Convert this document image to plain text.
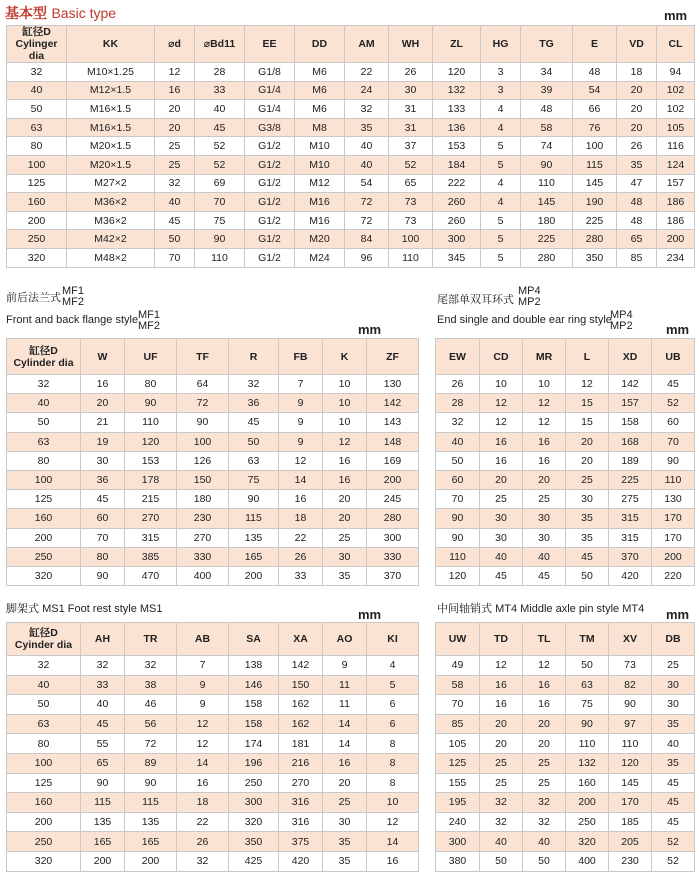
基本型 Basic type	mm
缸径D
Cylinger dia	KK	⌀d	⌀Bd11	EE	DD	AM	WH	ZL	HG	TG	E	VD	CL
32	M10×1.25	12	28	G1/8	M6	22	26	120	3	34	48	18	94
40	M12×1.5	16	33	G1/4	M6	24	30	132	3	39	54	20	102
50	M16×1.5	20	40	G1/4	M6	32	31	133	4	48	66	20	102
63	M16×1.5	20	45	G3/8	M8	35	31	136	4	58	76	20	105
80	M20×1.5	25	52	G1/2	M10	40	37	153	5	74	100	26	116
100	M20×1.5	25	52	G1/2	M10	40	52	184	5	90	115	35	124
125	M27×2	32	69	G1/2	M12	54	65	222	4	110	145	47	157
160	M36×2	40	70	G1/2	M16	72	73	260	4	145	190	48	186
200	M36×2	45	75	G1/2	M16	72	73	260	5	180	225	48	186
250	M42×2	50	90	G1/2	M20	84	100	300	5	225	280	65	200
320	M48×2	70	110	G1/2	M24	96	110	345	5	280	350	85	234
前后法兰式
MF1
MF2
Front and back flange style MF1
MF2	mm
缸径D
Cylinder dia	W	UF	TF	R	FB	K	ZF
32	16	80	64	32	7	10	130
40	20	90	72	36	9	10	142
50	21	110	90	45	9	10	143
63	19	120	100	50	9	12	148
80	30	153	126	63	12	16	169
100	36	178	150	75	14	16	200
125	45	215	180	90	16	20	245
160	60	270	230	115	18	20	280
200	70	315	270	135	22	25	300
250	80	385	330	165	26	30	330
320	90	470	400	200	33	35	370
尾部单双耳环式
MP4
MP2
End single and double ear ring style
MP4
MP2	mm
EW	CD	MR	L	XD	UB
26	10	10	12	142	45
28	12	12	15	157	52
32	12	12	15	158	60
40	16	16	20	168	70
50	16	16	20	189	90
60	20	20	25	225	110
70	25	25	30	275	130
90	30	30	35	315	170
90	30	30	35	315	170
110	40	40	45	370	200
120	45	45	50	420	220
脚架式 MS1 Foot rest style MS1	mm
缸径D
Cyinder dia	AH	TR	AB	SA	XA	AO	KI
32	32	32	7	138	142	9	4
40	33	38	9	146	150	11	5
50	40	46	9	158	162	11	6
63	45	56	12	158	162	14	6
80	55	72	12	174	181	14	8
100	65	89	14	196	216	16	8
125	90	90	16	250	270	20	8
160	115	115	18	300	316	25	10
200	135	135	22	320	316	30	12
250	165	165	26	350	375	35	14
320	200	200	32	425	420	35	16
中间轴销式 MT4 Middle axle pin style MT4 mm
UW	TD	TL	TM	XV	DB
49	12	12	50	73	25
58	16	16	63	82	30
70	16	16	75	90	30
85	20	20	90	97	35
105	20	20	110	110	40
125	25	25	132	120	35
155	25	25	160	145	45
195	32	32	200	170	45
240	32	32	250	185	45
300	40	40	320	205	52
380	50	50	400	230	52
